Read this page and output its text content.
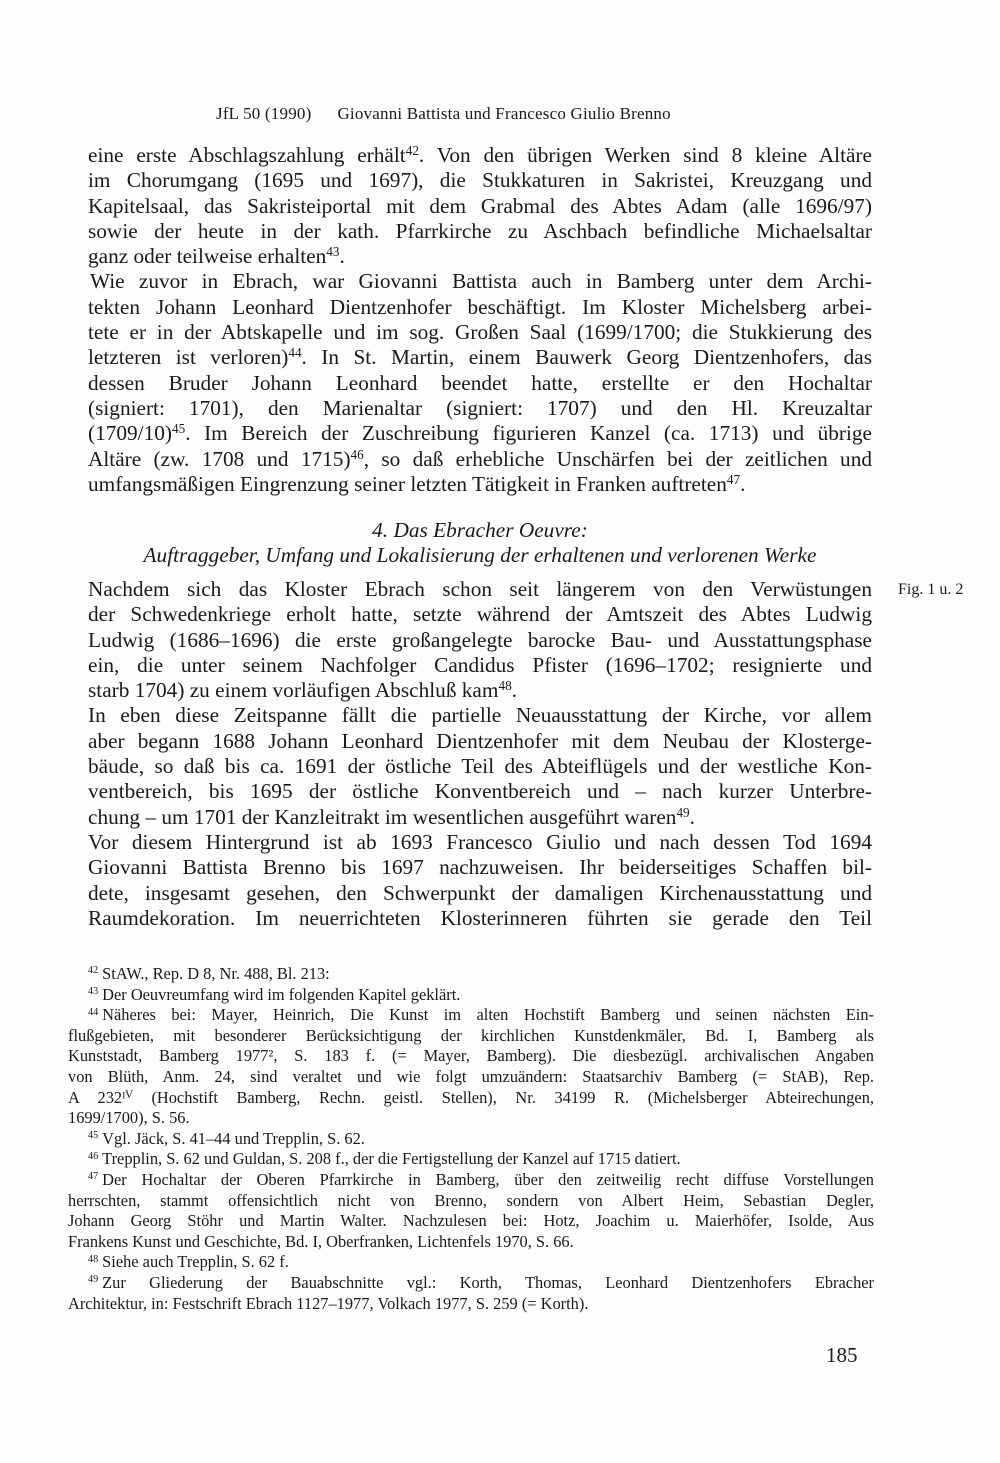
JfL 50 (1990) Giovanni Battista und Francesco Giulio Brenno

eine erste Abschlagszahlung erhält$^{42}$. Von den übrigen Werken sind 8 kleine Altäre
im Chorumgang (1695 und 1697), die Stukkaturen in Sakristei, Kreuzgang und
Kapitelsaal, das Sakristeiportal mit dem Grabmal des Abtes Adam (alle 1696/97)
sowie der heute in der kath. Pfarrkirche zu Aschbach befindliche Michaelsaltar
ganz oder teilweise erhalten$^{43}$.

Wie zuvor in Ebrach, war Giovanni Battista auch in Bamberg unter dem Archi-
tekten Johann Leonhard Dientzenhofer beschäftigt. Im Kloster Michelsberg arbei-
tete er in der Abtskapelle und im sog. Großen Saal (1699/1700; die Stukkierung des
letzteren ist verloren)$^{44}$. In St. Martin, einem Bauwerk Georg Dientzenhofers, das
dessen Bruder Johann Leonhard beendet hatte, erstellte er den Hochaltar
(signiert: 1701), den Marienaltar (signiert: 1707) und den Hl. Kreuzaltar
$(1709/10)^{45}$. Im Bereich der Zuschreibung figurieren Kanzel (ca. 1713) und übrige
Altäre (zw. 1708 und 1715)$^{46}$, so daß erhebliche Unschärfen bei der zeitlichen und
umfangsmäßigen Eingrenzung seiner letzten Tätigkeit in Franken auftreten$^{47}$.

4. Das Ebracher Oeuvre:
Auftraggeber, Umfang und Lokalisierung der erhaltenen und verlorenen Werke
Fig. 1 u. 2

Nachdem sich das Kloster Ebrach schon seit längerem von den Verwüstungen
der Schwedenkriege erholt hatte, setzte während der Amtszeit des Abtes Ludwig
Ludwig (1686–1696) die erste großangelegte barocke Bau- und Ausstattungsphase
ein, die unter seinem Nachfolger Candidus Pfister (1696–1702; resignierte und
starb 1704) zu einem vorläufigen Abschluß kam$^{48}$.

In eben diese Zeitspanne fällt die partielle Neuausstattung der Kirche, vor allem
aber begann 1688 Johann Leonhard Dientzenhofer mit dem Neubau der Klosterge-
bäude, so daß bis ca. 1691 der östliche Teil des Abteiflügels und der westliche Kon-
ventbereich, bis 1695 der östliche Konventbereich und – nach kurzer Unterbre-
chung – um 1701 der Kanzleitrakt im wesentlichen ausgeführt waren$^{49}$.

Vor diesem Hintergrund ist ab 1693 Francesco Giulio und nach dessen Tod 1694
Giovanni Battista Brenno bis 1697 nachzuweisen. Ihr beiderseitiges Schaffen bil-
dete, insgesamt gesehen, den Schwerpunkt der damaligen Kirchenausstattung und
Raumdekoration. Im neuerrichteten Klosterinneren führten sie gerade den Teil

$^{42}$ StAW., Rep. D 8, Nr. 488, Bl. 213:
$^{43}$ Der Oeuvreumfang wird im folgenden Kapitel geklärt.
$^{44}$ Näheres bei: Mayer, Heinrich, Die Kunst im alten Hochstift Bamberg und seinen nächsten Ein-
flußgebieten, mit besonderer Berücksichtigung der kirchlichen Kunstdenkmäler, Bd. I, Bamberg als
Kunststadt, Bamberg 1977², S. 183 f. (= Mayer, Bamberg). Die diesbezügl. archivalischen Angaben
von Blüth, Anm. 24, sind veraltet und wie folgt umzuändern: Staatsarchiv Bamberg (= StAB), Rep.
A 232ᴵⱽ (Hochstift Bamberg, Rechn. geistl. Stellen), Nr. 34199 R. (Michelsberger Abteirechungen,
1699/1700), S. 56.
$^{45}$ Vgl. Jäck, S. 41–44 und Trepplin, S. 62.
$^{46}$ Trepplin, S. 62 und Guldan, S. 208 f., der die Fertigstellung der Kanzel auf 1715 datiert.
$^{47}$ Der Hochaltar der Oberen Pfarrkirche in Bamberg, über den zeitweilig recht diffuse Vorstellungen
herrschten, stammt offensichtlich nicht von Brenno, sondern von Albert Heim, Sebastian Degler,
Johann Georg Stöhr und Martin Walter. Nachzulesen bei: Hotz, Joachim u. Maierhöfer, Isolde, Aus
Frankens Kunst und Geschichte, Bd. I, Oberfranken, Lichtenfels 1970, S. 66.
$^{48}$ Siehe auch Trepplin, S. 62 f.
$^{49}$ Zur Gliederung der Bauabschnitte vgl.: Korth, Thomas, Leonhard Dientzenhofers Ebracher
Architektur, in: Festschrift Ebrach 1127–1977, Volkach 1977, S. 259 (= Korth).
185
